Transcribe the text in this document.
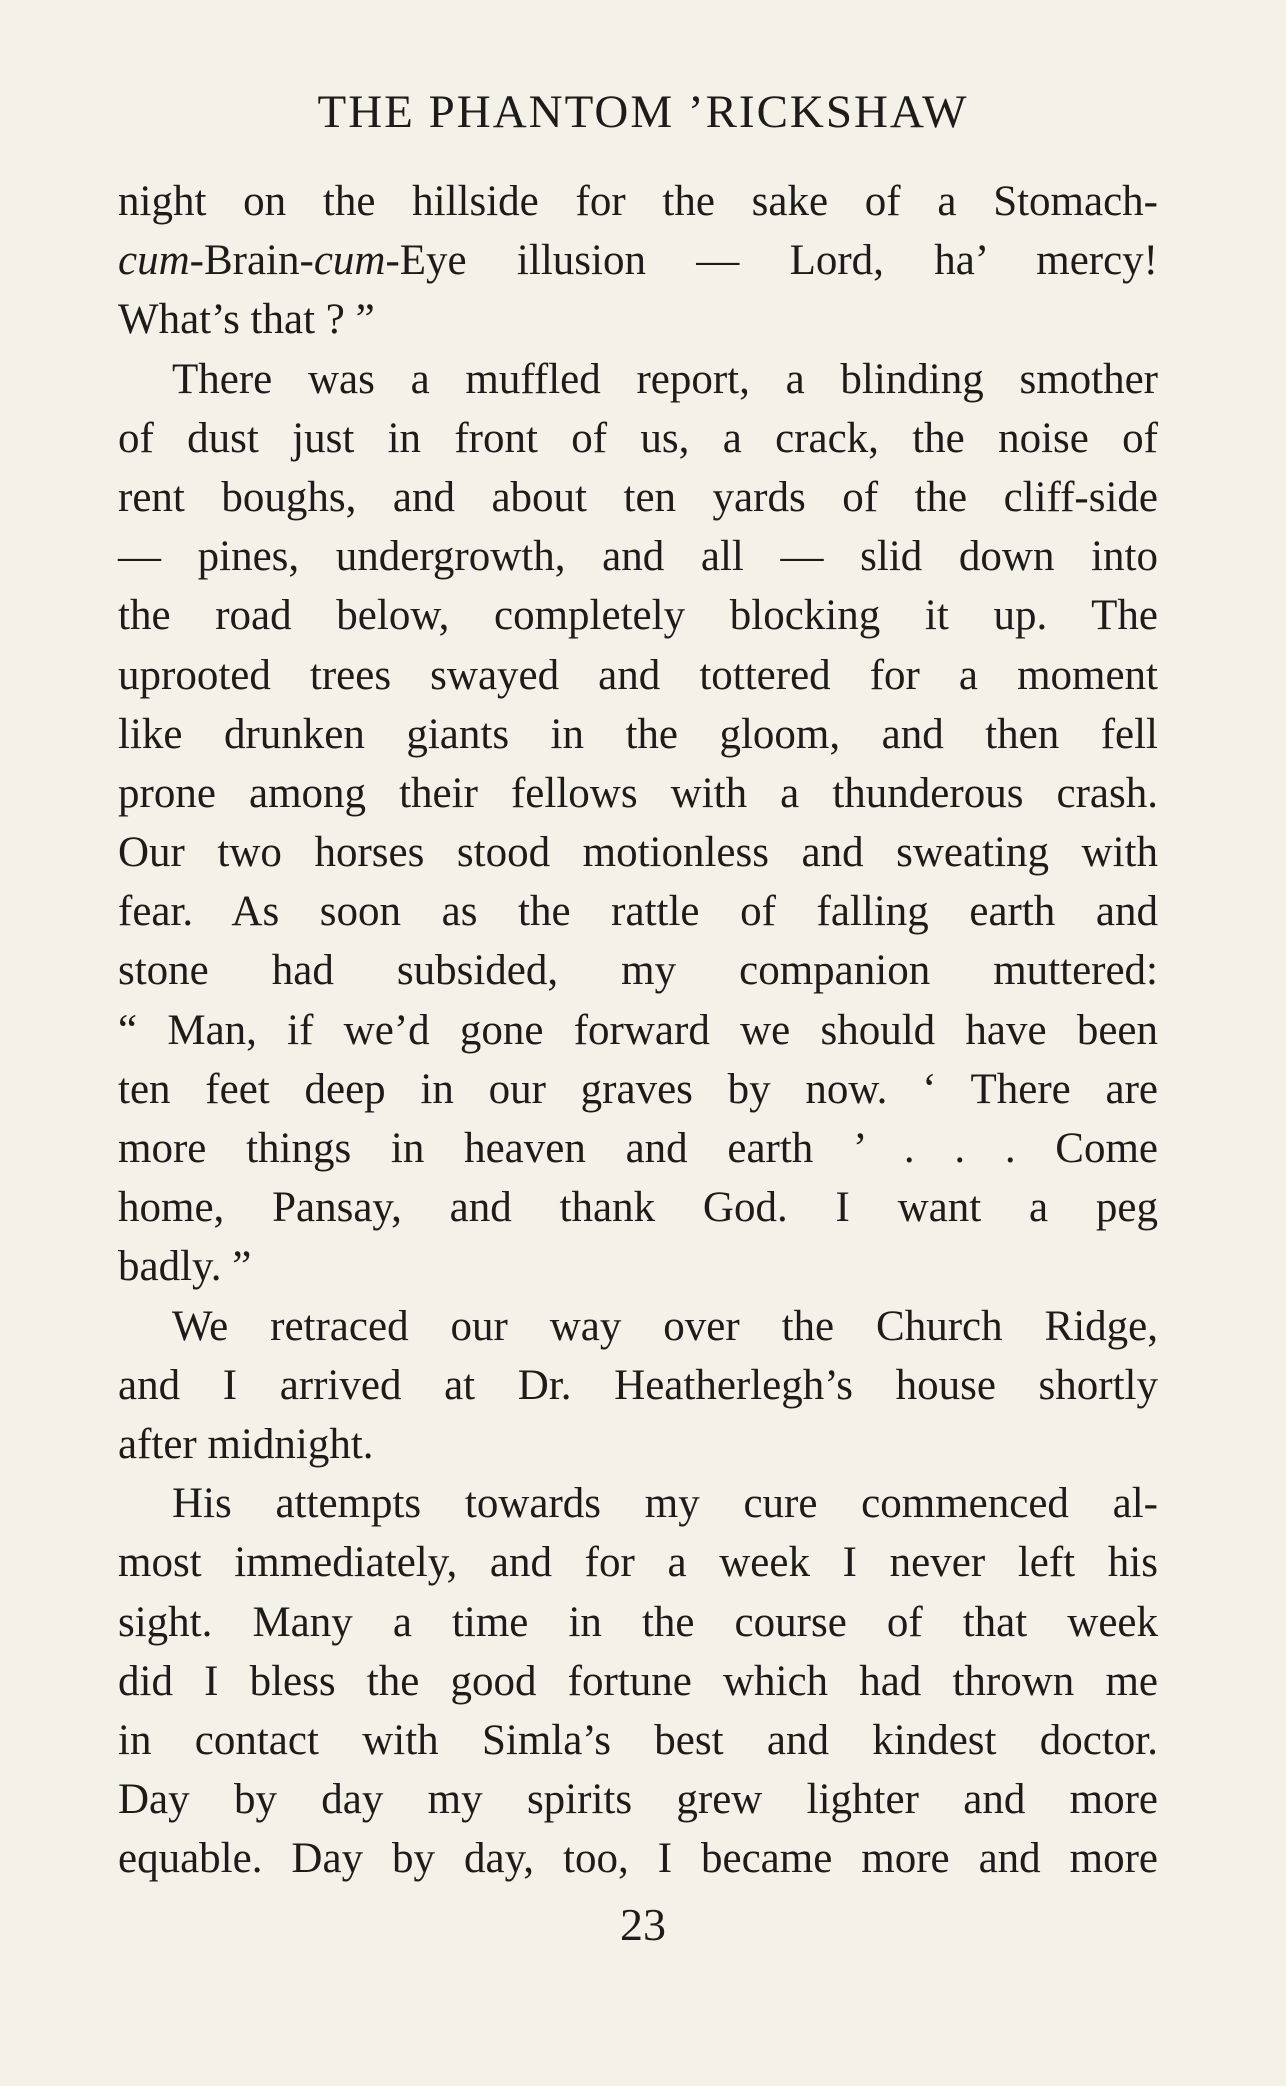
THE PHANTOM ’RICKSHAW
night on the hillside for the sake of a Stomach-
cum-Brain-cum-Eye illusion — Lord, ha’ mercy!
What’s that ? ”
There was a muffled report, a blinding smother
of dust just in front of us, a crack, the noise of
rent boughs, and about ten yards of the cliff-side
— pines, undergrowth, and all — slid down into
the road below, completely blocking it up. The
uprooted trees swayed and tottered for a moment
like drunken giants in the gloom, and then fell
prone among their fellows with a thunderous crash.
Our two horses stood motionless and sweating with
fear. As soon as the rattle of falling earth and
stone had subsided, my companion muttered:
“ Man, if we’d gone forward we should have been
ten feet deep in our graves by now. ‘ There are
more things in heaven and earth ’ . . . Come
home, Pansay, and thank God. I want a peg
badly. ”
We retraced our way over the Church Ridge,
and I arrived at Dr. Heatherlegh’s house shortly
after midnight.
His attempts towards my cure commenced al-
most immediately, and for a week I never left his
sight. Many a time in the course of that week
did I bless the good fortune which had thrown me
in contact with Simla’s best and kindest doctor.
Day by day my spirits grew lighter and more
equable. Day by day, too, I became more and more
23
